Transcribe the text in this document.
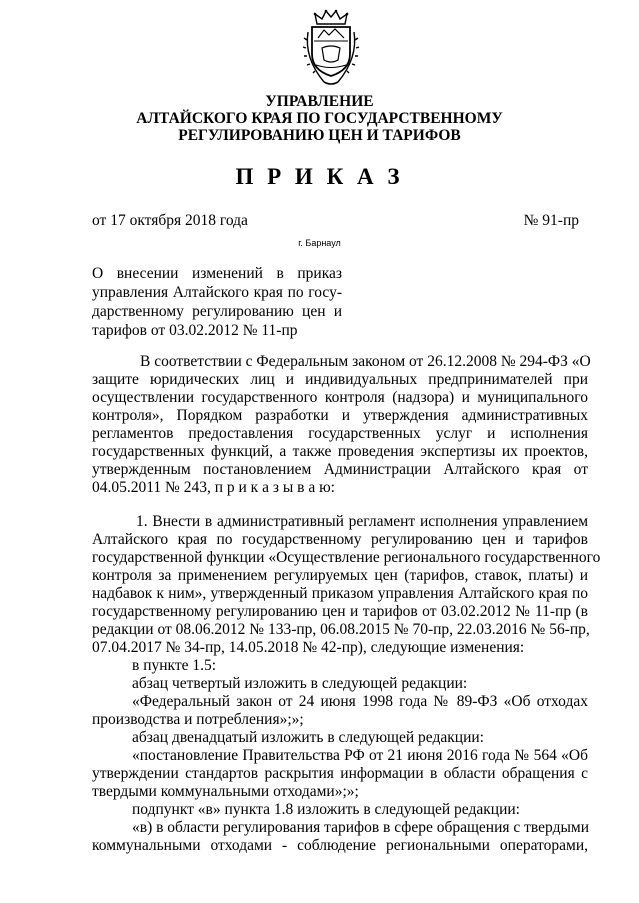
УПРАВЛЕНИЕ
АЛТАЙСКОГО КРАЯ ПО ГОСУДАРСТВЕННОМУ
РЕГУЛИРОВАНИЮ ЦЕН И ТАРИФОВ
П Р И К А З
от 17 октября 2018 года	№ 91-пр
г. Барнаул
О внесении изменений в приказ
управления Алтайского края по госу-
дарственному регулированию цен и
тарифов от 03.02.2012 № 11-пр
В соответствии с Федеральным законом от 26.12.2008 № 294-ФЗ «О
защите юридических лиц и индивидуальных предпринимателей при
осуществлении государственного контроля (надзора) и муниципального
контроля», Порядком разработки и утверждения административных
регламентов предоставления государственных услуг и исполнения
государственных функций, а также проведения экспертизы их проектов,
утвержденным постановлением Администрации Алтайского края от
04.05.2011 № 243, п р и к а з ы в а ю:
1. Внести в административный регламент исполнения управлением
Алтайского края по государственному регулированию цен и тарифов
государственной функции «Осуществление регионального государственного
контроля за применением регулируемых цен (тарифов, ставок, платы) и
надбавок к ним», утвержденный приказом управления Алтайского края по
государственному регулированию цен и тарифов от 03.02.2012 № 11-пр (в
редакции от 08.06.2012 № 133-пр, 06.08.2015 № 70-пр, 22.03.2016 № 56-пр,
07.04.2017 № 34-пр, 14.05.2018 № 42-пр), следующие изменения:
в пункте 1.5:
абзац четвертый изложить в следующей редакции:
«Федеральный закон от 24 июня 1998 года № 89-ФЗ «Об отходах
производства и потребления»;»;
абзац двенадцатый изложить в следующей редакции:
«постановление Правительства РФ от 21 июня 2016 года № 564 «Об
утверждении стандартов раскрытия информации в области обращения с
твердыми коммунальными отходами»;»;
подпункт «в» пункта 1.8 изложить в следующей редакции:
«в) в области регулирования тарифов в сфере обращения с твердыми
коммунальными отходами - соблюдение региональными операторами,
